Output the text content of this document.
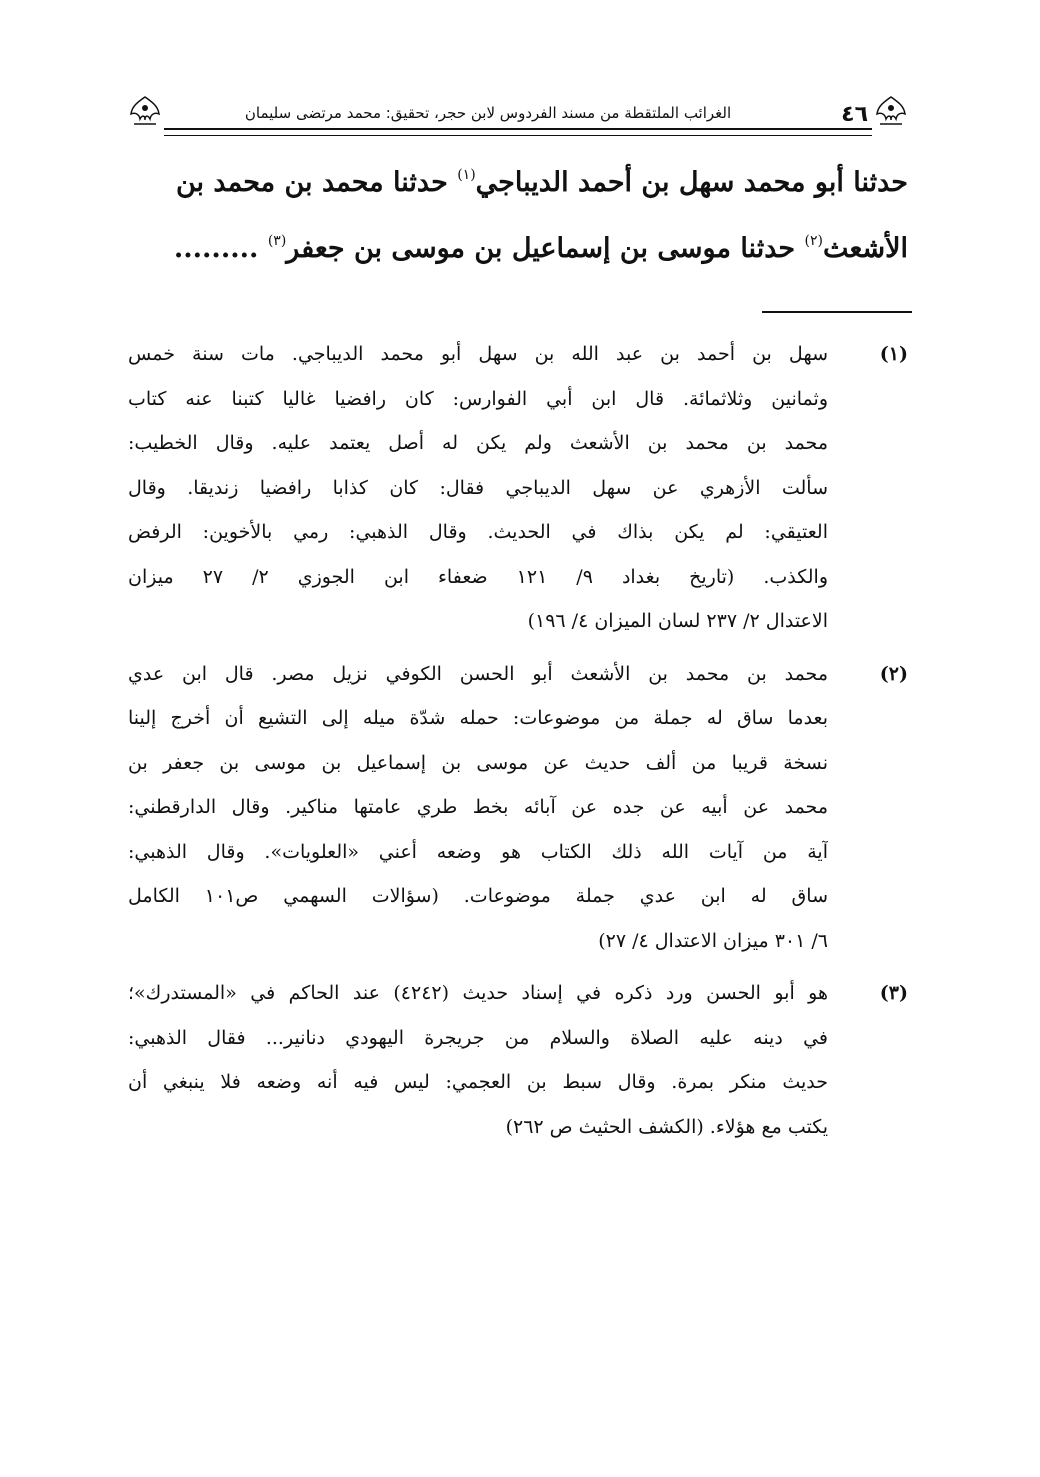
٤٦
الغرائب الملتقطة من مسند الفردوس لابن حجر، تحقيق: محمد مرتضى سليمان
حدثنا أبو محمد سهل بن أحمد الديباجي$^{(١)}$ حدثنا محمد بن محمد بن
الأشعث$^{(٢)}$ حدثنا موسى بن إسماعيل بن موسى بن جعفر$^{(٣)}$ .........
(١)
سهل بن أحمد بن عبد الله بن سهل أبو محمد الديباجي. مات سنة خمس
وثمانين وثلاثمائة. قال ابن أبي الفوارس: كان رافضيا غاليا كتبنا عنه كتاب
محمد بن محمد بن الأشعث ولم يكن له أصل يعتمد عليه. وقال الخطيب:
سألت الأزهري عن سهل الديباجي فقال: كان كذابا رافضيا زنديقا. وقال
العتيقي: لم يكن بذاك في الحديث. وقال الذهبي: رمي بالأخوين: الرفض
والكذب. (تاريخ بغداد ٩/ ١٢١ ضعفاء ابن الجوزي ٢/ ٢٧ ميزان
الاعتدال ٢/ ٢٣٧ لسان الميزان ٤/ ١٩٦)
(٢)
محمد بن محمد بن الأشعث أبو الحسن الكوفي نزيل مصر. قال ابن عدي
بعدما ساق له جملة من موضوعات: حمله شدّة ميله إلى التشيع أن أخرج إلينا
نسخة قريبا من ألف حديث عن موسى بن إسماعيل بن موسى بن جعفر بن
محمد عن أبيه عن جده عن آبائه بخط طري عامتها مناكير. وقال الدارقطني:
آية من آيات الله ذلك الكتاب هو وضعه أعني «العلويات». وقال الذهبي:
ساق له ابن عدي جملة موضوعات. (سؤالات السهمي ص١٠١ الكامل
٦/ ٣٠١ ميزان الاعتدال ٤/ ٢٧)
(٣)
هو أبو الحسن ورد ذكره في إسناد حديث (٤٢٤٢) عند الحاكم في «المستدرك»؛
في دينه عليه الصلاة والسلام من جريجرة اليهودي دنانير... فقال الذهبي:
حديث منكر بمرة. وقال سبط بن العجمي: ليس فيه أنه وضعه فلا ينبغي أن
يكتب مع هؤلاء. (الكشف الحثيث ص ٢٦٢)
